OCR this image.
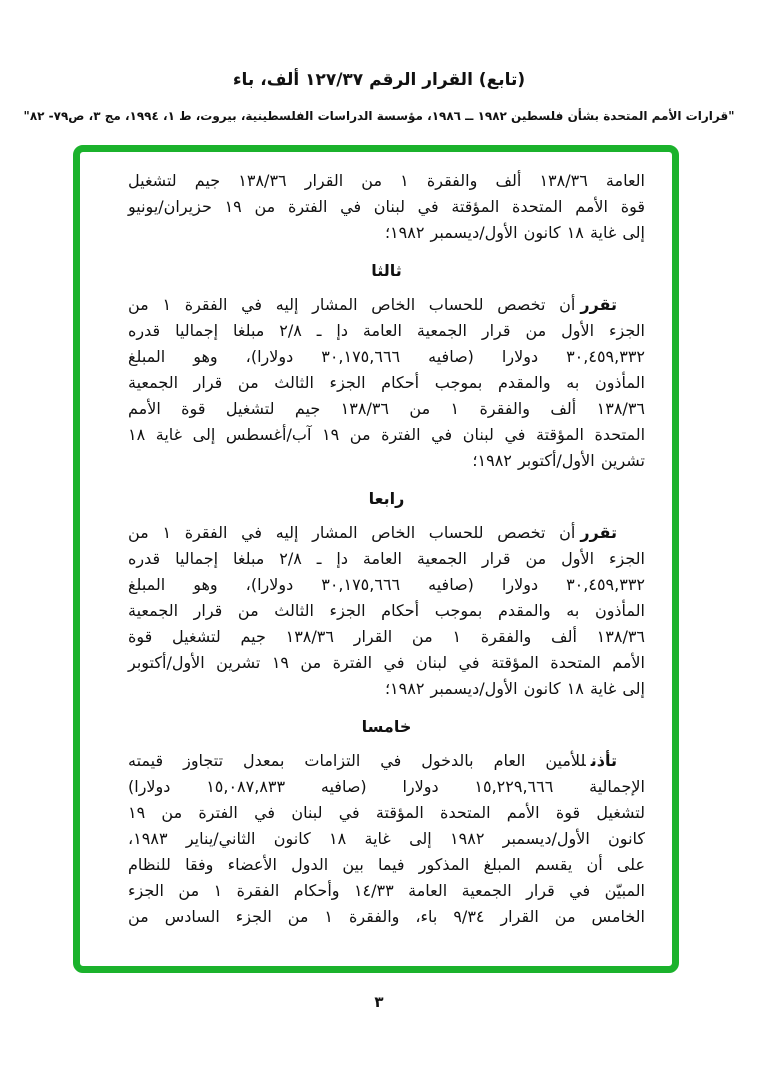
(تابع) القرار الرقم ١٢٧/٣٧ ألف، باء
"قرارات الأمم المتحدة بشأن فلسطين ١٩٨٢ ــ ١٩٨٦، مؤسسة الدراسات الفلسطينية، بيروت، ط ١، ١٩٩٤، مج ٣، ص٧٩- ٨٢"
العامة ١٣٨/٣٦ ألف والفقرة ١ من القرار ١٣٨/٣٦ جيم لتشغيل
قوة الأمم المتحدة المؤقتة في لبنان في الفترة من ١٩ حزيران/يونيو
إلى غاية ١٨ كانون الأول/ديسمبر ١٩٨٢؛
ثالثا
تقررأن تخصص للحساب الخاص المشار إليه في الفقرة ١ من
الجزء الأول من قرار الجمعية العامة دإ ـ ٢/٨ مبلغا إجماليا قدره
٣٠,٤٥٩,٣٣٢ دولارا (صافيه ٣٠,١٧٥,٦٦٦ دولارا)، وهو المبلغ
المأذون به والمقدم بموجب أحكام الجزء الثالث من قرار الجمعية
١٣٨/٣٦ ألف والفقرة ١ من ١٣٨/٣٦ جيم لتشغيل قوة الأمم
المتحدة المؤقتة في لبنان في الفترة من ١٩ آب/أغسطس إلى غاية ١٨
تشرين الأول/أكتوبر ١٩٨٢؛
رابعا
تقررأن تخصص للحساب الخاص المشار إليه في الفقرة ١ من
الجزء الأول من قرار الجمعية العامة دإ ـ ٢/٨ مبلغا إجماليا قدره
٣٠,٤٥٩,٣٣٢ دولارا (صافيه ٣٠,١٧٥,٦٦٦ دولارا)، وهو المبلغ
المأذون به والمقدم بموجب أحكام الجزء الثالث من قرار الجمعية
١٣٨/٣٦ ألف والفقرة ١ من القرار ١٣٨/٣٦ جيم لتشغيل قوة
الأمم المتحدة المؤقتة في لبنان في الفترة من ١٩ تشرين الأول/أكتوبر
إلى غاية ١٨ كانون الأول/ديسمبر ١٩٨٢؛
خامسا
تأذنللأمين العام بالدخول في التزامات بمعدل تتجاوز قيمته
الإجمالية ١٥,٢٢٩,٦٦٦ دولارا (صافيه ١٥,٠٨٧,٨٣٣ دولارا)
لتشغيل قوة الأمم المتحدة المؤقتة في لبنان في الفترة من ١٩
كانون الأول/ديسمبر ١٩٨٢ إلى غاية ١٨ كانون الثاني/يناير ١٩٨٣،
على أن يقسم المبلغ المذكور فيما بين الدول الأعضاء وفقا للنظام
المبيّن في قرار الجمعية العامة ١٤/٣٣ وأحكام الفقرة ١ من الجزء
الخامس من القرار ٩/٣٤ باء، والفقرة ١ من الجزء السادس من
٣
